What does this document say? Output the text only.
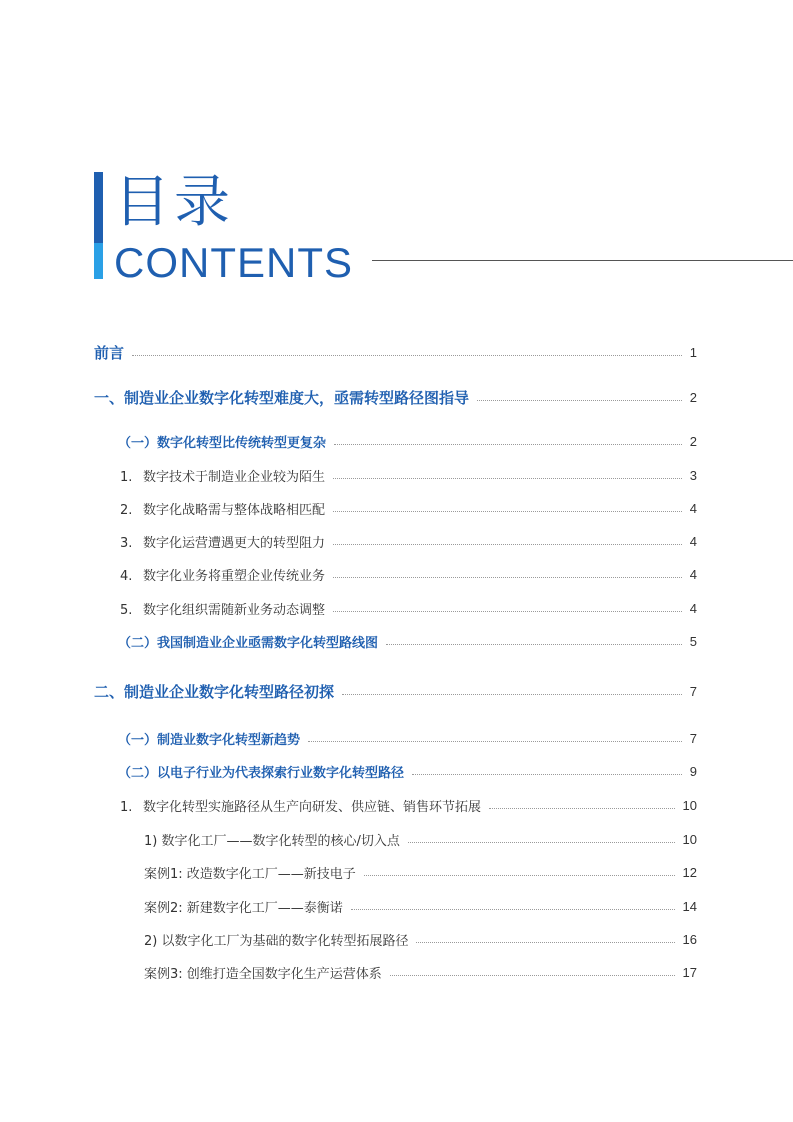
目录
CONTENTS
前言	1
一、制造业企业数字化转型难度大，亟需转型路径图指导	2
（一）数字化转型比传统转型更复杂	2
1. 数字技术于制造业企业较为陌生	3
2. 数字化战略需与整体战略相匹配	4
3. 数字化运营遭遇更大的转型阻力	4
4. 数字化业务将重塑企业传统业务	4
5. 数字化组织需随新业务动态调整	4
（二）我国制造业企业亟需数字化转型路线图	5
二、制造业企业数字化转型路径初探	7
（一）制造业数字化转型新趋势	7
（二）以电子行业为代表探索行业数字化转型路径	9
1. 数字化转型实施路径从生产向研发、供应链、销售环节拓展	10
1) 数字化工厂——数字化转型的核心/切入点	10
案例1: 改造数字化工厂——新技电子	12
案例2: 新建数字化工厂——泰衡诺	14
2) 以数字化工厂为基础的数字化转型拓展路径	16
案例3: 创维打造全国数字化生产运营体系	17
